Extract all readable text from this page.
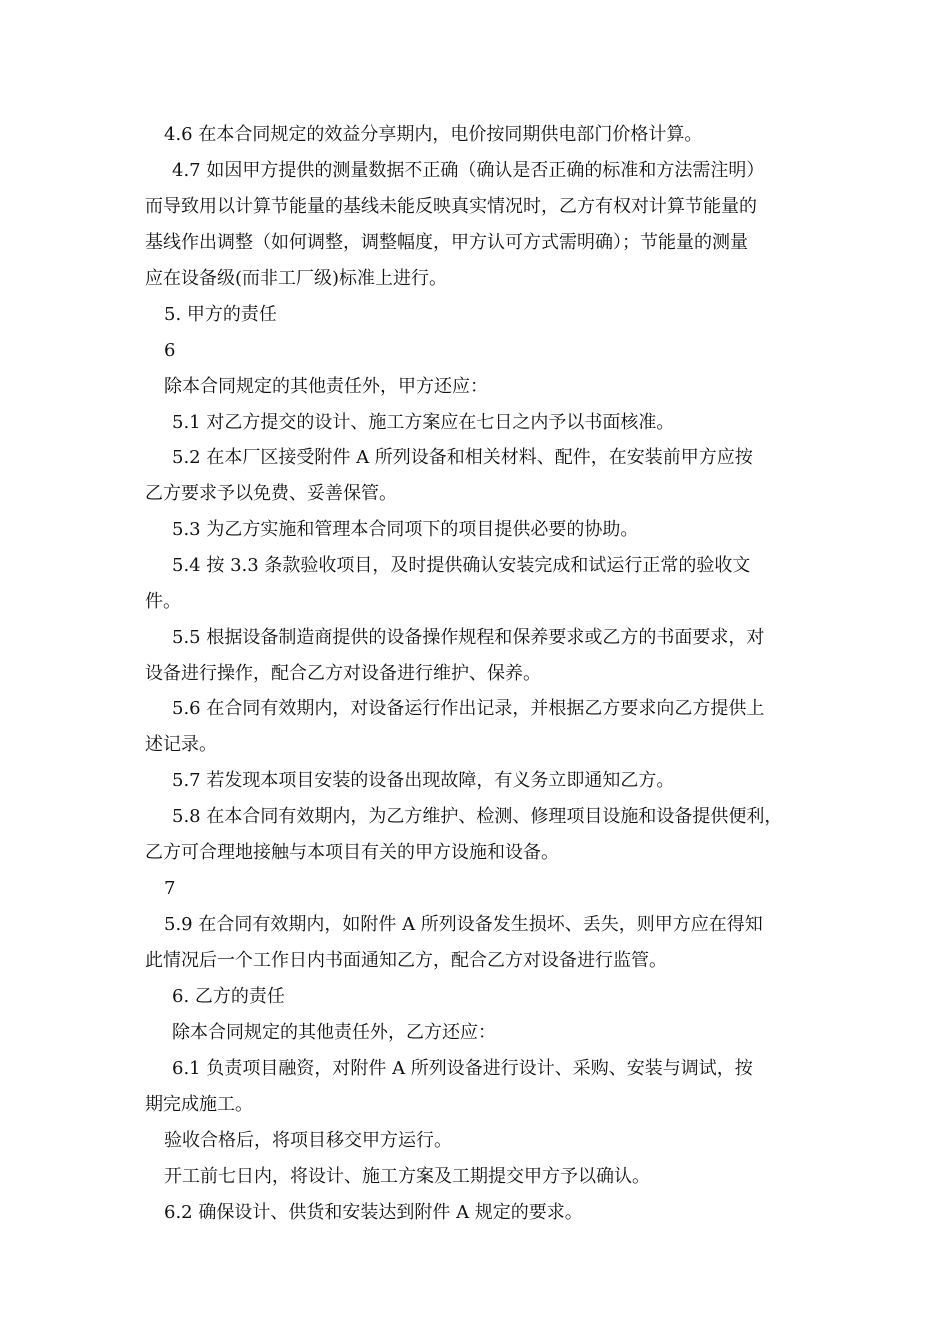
4.6 在本合同规定的效益分享期内，电价按同期供电部门价格计算。
4.7 如因甲方提供的测量数据不正确（确认是否正确的标准和方法需注明）
而导致用以计算节能量的基线未能反映真实情况时，乙方有权对计算节能量的
基线作出调整（如何调整，调整幅度，甲方认可方式需明确）；节能量的测量
应在设备级(而非工厂级)标准上进行。
5. 甲方的责任
6
除本合同规定的其他责任外，甲方还应：
5.1 对乙方提交的设计、施工方案应在七日之内予以书面核准。
5.2 在本厂区接受附件 A 所列设备和相关材料、配件，在安装前甲方应按
乙方要求予以免费、妥善保管。
5.3 为乙方实施和管理本合同项下的项目提供必要的协助。
5.4 按 3.3 条款验收项目，及时提供确认安装完成和试运行正常的验收文
件。
5.5 根据设备制造商提供的设备操作规程和保养要求或乙方的书面要求，对
设备进行操作，配合乙方对设备进行维护、保养。
5.6 在合同有效期内，对设备运行作出记录，并根据乙方要求向乙方提供上
述记录。
5.7 若发现本项目安装的设备出现故障，有义务立即通知乙方。
5.8 在本合同有效期内，为乙方维护、检测、修理项目设施和设备提供便利，
乙方可合理地接触与本项目有关的甲方设施和设备。
7
5.9 在合同有效期内，如附件 A 所列设备发生损坏、丢失，则甲方应在得知
此情况后一个工作日内书面通知乙方，配合乙方对设备进行监管。
6. 乙方的责任
除本合同规定的其他责任外，乙方还应：
6.1 负责项目融资，对附件 A 所列设备进行设计、采购、安装与调试，按
期完成施工。
验收合格后，将项目移交甲方运行。
开工前七日内，将设计、施工方案及工期提交甲方予以确认。
6.2 确保设计、供货和安装达到附件 A 规定的要求。
